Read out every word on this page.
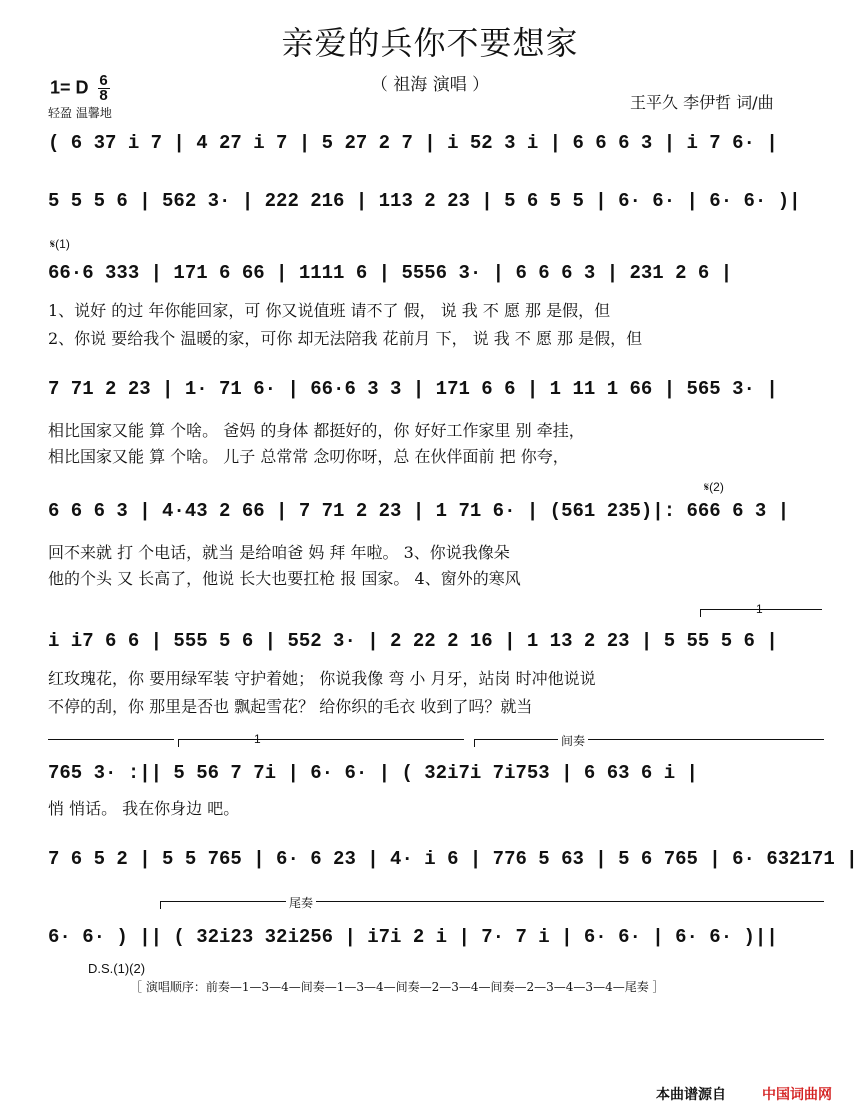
亲爱的兵你不要想家
（ 祖海 演唱 ）
1= D $\frac{6}{8}$
轻盈 温馨地
王平久 李伊哲 词/曲
( 6 37 i 7 | 4 27 i 7 | 5 27 2 7 | i 52 3 i | 6 6 6 3 | i 7 6· |
5 5 5 6 | 562 3· | 222 216 | 113 2 23 | 5 6 5 5 | 6· 6· | 6· 6· )|
𝄋(1)
66·6 333 | 171 6 66 | 1111 6 | 5556 3· | 6 6 6 3 | 231 2 6 |
1、说好 的过 年你能回家，可 你又说值班 请不了 假， 说 我 不 愿 那 是假，但
2、你说 要给我个 温暖的家，可你 却无法陪我 花前月 下， 说 我 不 愿 那 是假，但
7 71 2 23 | 1· 71 6· | 66·6 3 3 | 171 6 6 | 1 11 1 66 | 565 3· |
相比国家又能 算 个啥。 爸妈 的身体 都挺好的，你 好好工作家里 别 牵挂，
相比国家又能 算 个啥。 儿子 总常常 念叨你呀，总 在伙伴面前 把 你夸，
𝄋(2)
6 6 6 3 | 4·43 2 66 | 7 71 2 23 | 1 71 6· | (561 235)|: 666 6 3 |
回不来就 打 个电话，就当 是给咱爸 妈 拜 年啦。 3、你说我像朵
他的个头 又 长高了，他说 长大也要扛枪 报 国家。 4、窗外的寒风
1
i i7 6 6 | 555 5 6 | 552 3· | 2 22 2 16 | 1 13 2 23 | 5 55 5 6 |
红玫瑰花，你 要用绿军装 守护着她； 你说我像 弯 小 月牙，站岗 时冲他说说
不停的刮，你 那里是否也 飘起雪花？ 给你织的毛衣 收到了吗？就当
1	间奏
765 3· :|| 5 56 7 7i | 6· 6· | ( 32i7i 7i753 | 6 63 6 i |
悄 悄话。 我在你身边 吧。
7 6 5 2 | 5 5 765 | 6· 6 23 | 4· i 6 | 776 5 63 | 5 6 765 | 6· 632171 |
尾奏
6· 6· ) || ( 32i23 32i256 | i7i 2 i | 7· 7 i | 6· 6· | 6· 6· )||
D.S.(1)(2)
［ 演唱顺序：前奏—1—3—4—间奏—1—3—4—间奏—2—3—4—间奏—2—3—4—3—4—尾奏 ］
本曲谱源自	中国词曲网
